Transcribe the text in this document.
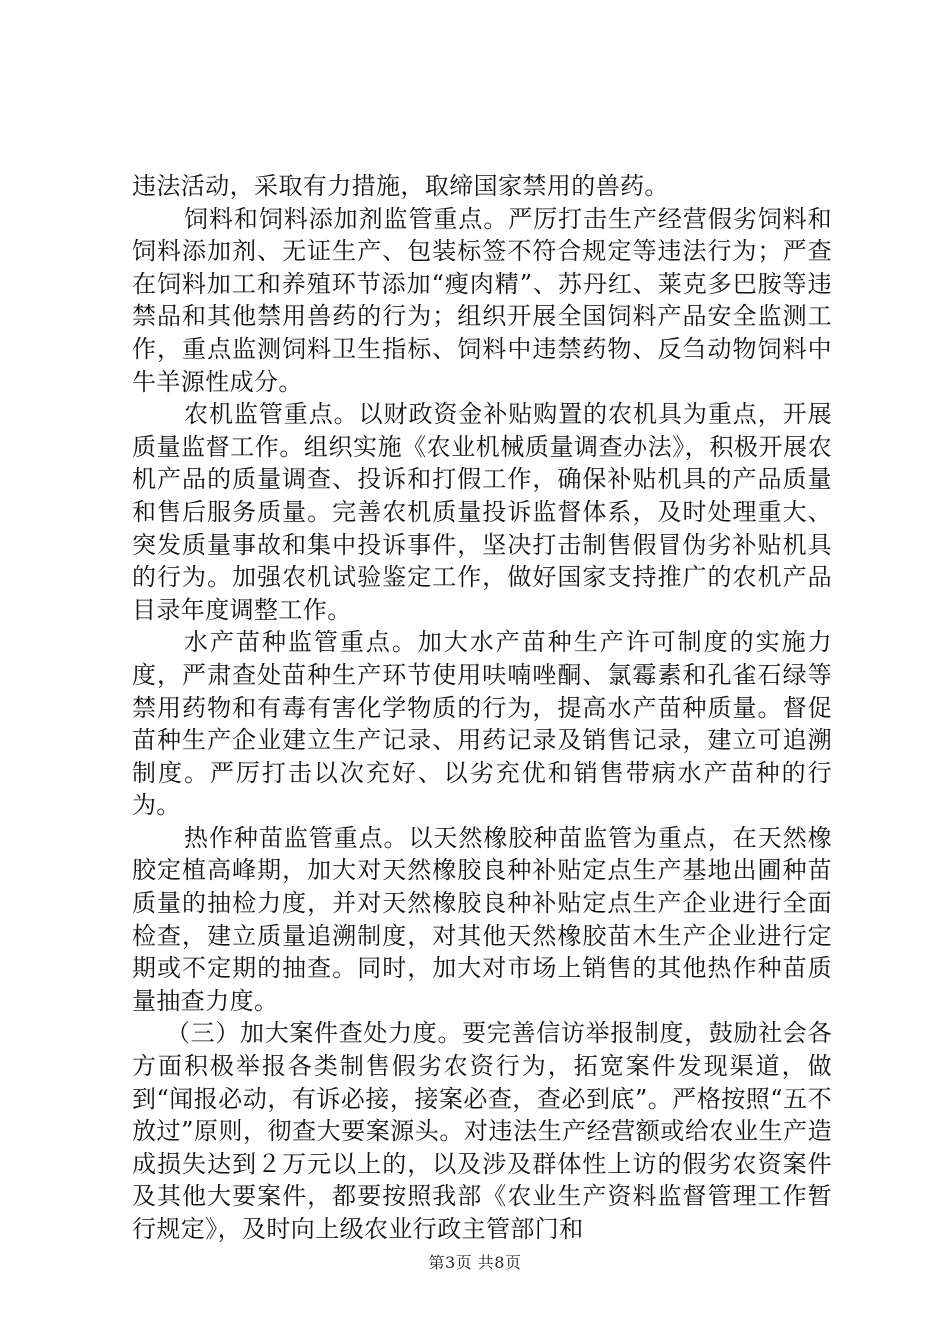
违法活动，采取有力措施，取缔国家禁用的兽药。

饲料和饲料添加剂监管重点。严厉打击生产经营假劣饲料和饲料添加剂、无证生产、包装标签不符合规定等违法行为；严查在饲料加工和养殖环节添加“瘦肉精”、苏丹红、莱克多巴胺等违禁品和其他禁用兽药的行为；组织开展全国饲料产品安全监测工作，重点监测饲料卫生指标、饲料中违禁药物、反刍动物饲料中牛羊源性成分。

农机监管重点。以财政资金补贴购置的农机具为重点，开展质量监督工作。组织实施《农业机械质量调查办法》，积极开展农机产品的质量调查、投诉和打假工作，确保补贴机具的产品质量和售后服务质量。完善农机质量投诉监督体系，及时处理重大、突发质量事故和集中投诉事件，坚决打击制售假冒伪劣补贴机具的行为。加强农机试验鉴定工作，做好国家支持推广的农机产品目录年度调整工作。

水产苗种监管重点。加大水产苗种生产许可制度的实施力度，严肃查处苗种生产环节使用呋喃唑酮、氯霉素和孔雀石绿等禁用药物和有毒有害化学物质的行为，提高水产苗种质量。督促苗种生产企业建立生产记录、用药记录及销售记录，建立可追溯制度。严厉打击以次充好、以劣充优和销售带病水产苗种的行为。

热作种苗监管重点。以天然橡胶种苗监管为重点，在天然橡胶定植高峰期，加大对天然橡胶良种补贴定点生产基地出圃种苗质量的抽检力度，并对天然橡胶良种补贴定点生产企业进行全面检查，建立质量追溯制度，对其他天然橡胶苗木生产企业进行定期或不定期的抽查。同时，加大对市场上销售的其他热作种苗质量抽查力度。

（三）加大案件查处力度。要完善信访举报制度，鼓励社会各方面积极举报各类制售假劣农资行为，拓宽案件发现渠道，做到“闻报必动，有诉必接，接案必查，查必到底”。严格按照“五不放过”原则，彻查大要案源头。对违法生产经营额或给农业生产造成损失达到２万元以上的，以及涉及群体性上访的假劣农资案件及其他大要案件，都要按照我部《农业生产资料监督管理工作暂行规定》，及时向上级农业行政主管部门和

第3页 共8页
